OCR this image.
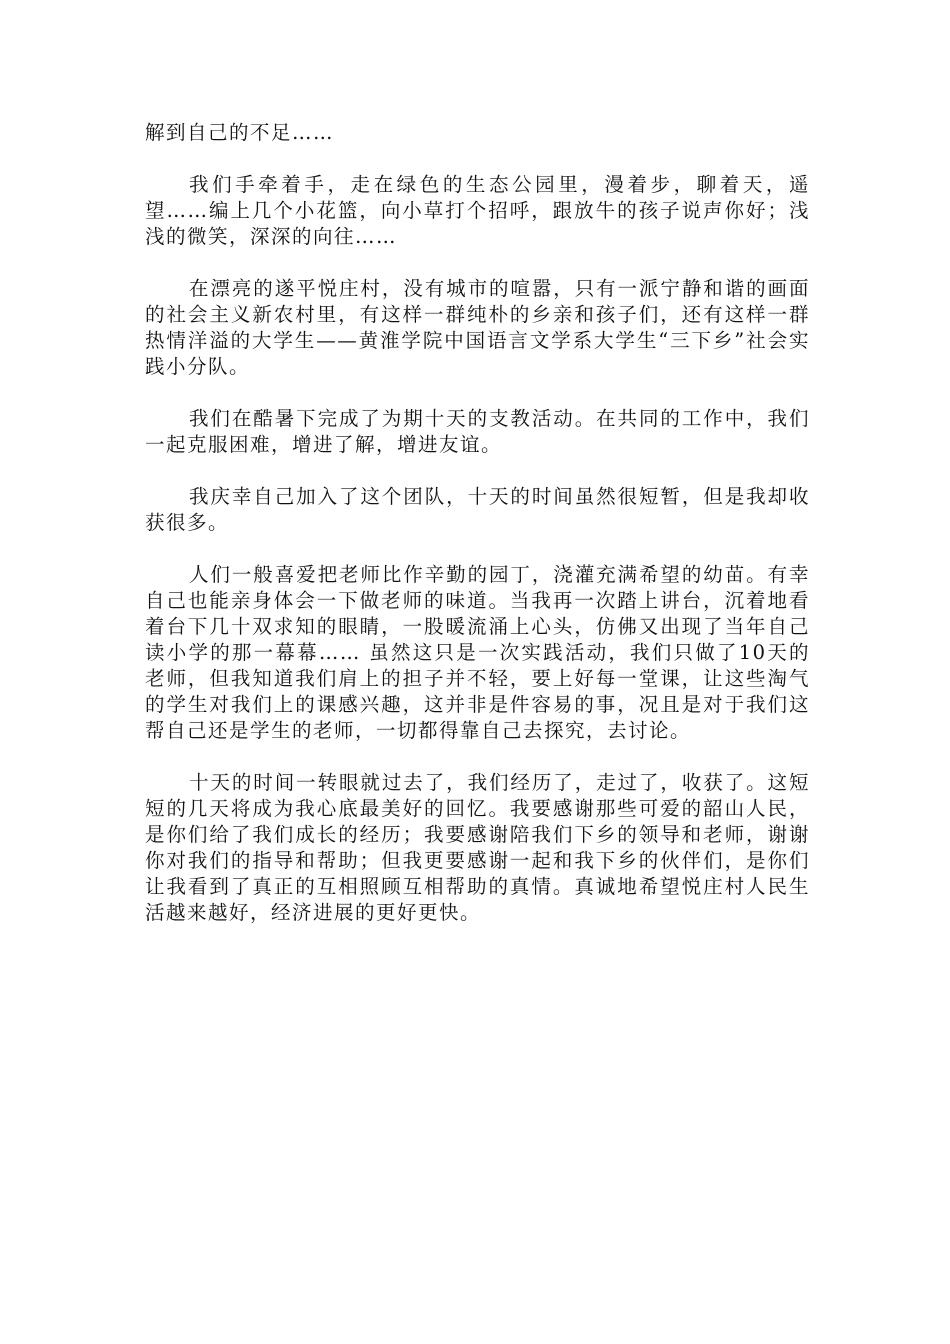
解到自己的不足……

我们手牵着手，走在绿色的生态公园里，漫着步，聊着天，遥望……编上几个小花篮，向小草打个招呼，跟放牛的孩子说声你好；浅浅的微笑，深深的向往……

在漂亮的遂平悦庄村，没有城市的喧嚣，只有一派宁静和谐的画面的社会主义新农村里，有这样一群纯朴的乡亲和孩子们，还有这样一群热情洋溢的大学生——黄淮学院中国语言文学系大学生“三下乡”社会实践小分队。

我们在酷暑下完成了为期十天的支教活动。在共同的工作中，我们一起克服困难，增进了解，增进友谊。

我庆幸自己加入了这个团队，十天的时间虽然很短暂，但是我却收获很多。

人们一般喜爱把老师比作辛勤的园丁，浇灌充满希望的幼苗。有幸自己也能亲身体会一下做老师的味道。当我再一次踏上讲台，沉着地看着台下几十双求知的眼睛，一股暖流涌上心头，仿佛又出现了当年自己读小学的那一幕幕…… 虽然这只是一次实践活动，我们只做了10天的老师，但我知道我们肩上的担子并不轻，要上好每一堂课，让这些淘气的学生对我们上的课感兴趣，这并非是件容易的事，况且是对于我们这帮自己还是学生的老师，一切都得靠自己去探究，去讨论。

十天的时间一转眼就过去了，我们经历了，走过了，收获了。这短短的几天将成为我心底最美好的回忆。我要感谢那些可爱的韶山人民，是你们给了我们成长的经历；我要感谢陪我们下乡的领导和老师，谢谢你对我们的指导和帮助；但我更要感谢一起和我下乡的伙伴们，是你们让我看到了真正的互相照顾互相帮助的真情。真诚地希望悦庄村人民生活越来越好，经济进展的更好更快。
